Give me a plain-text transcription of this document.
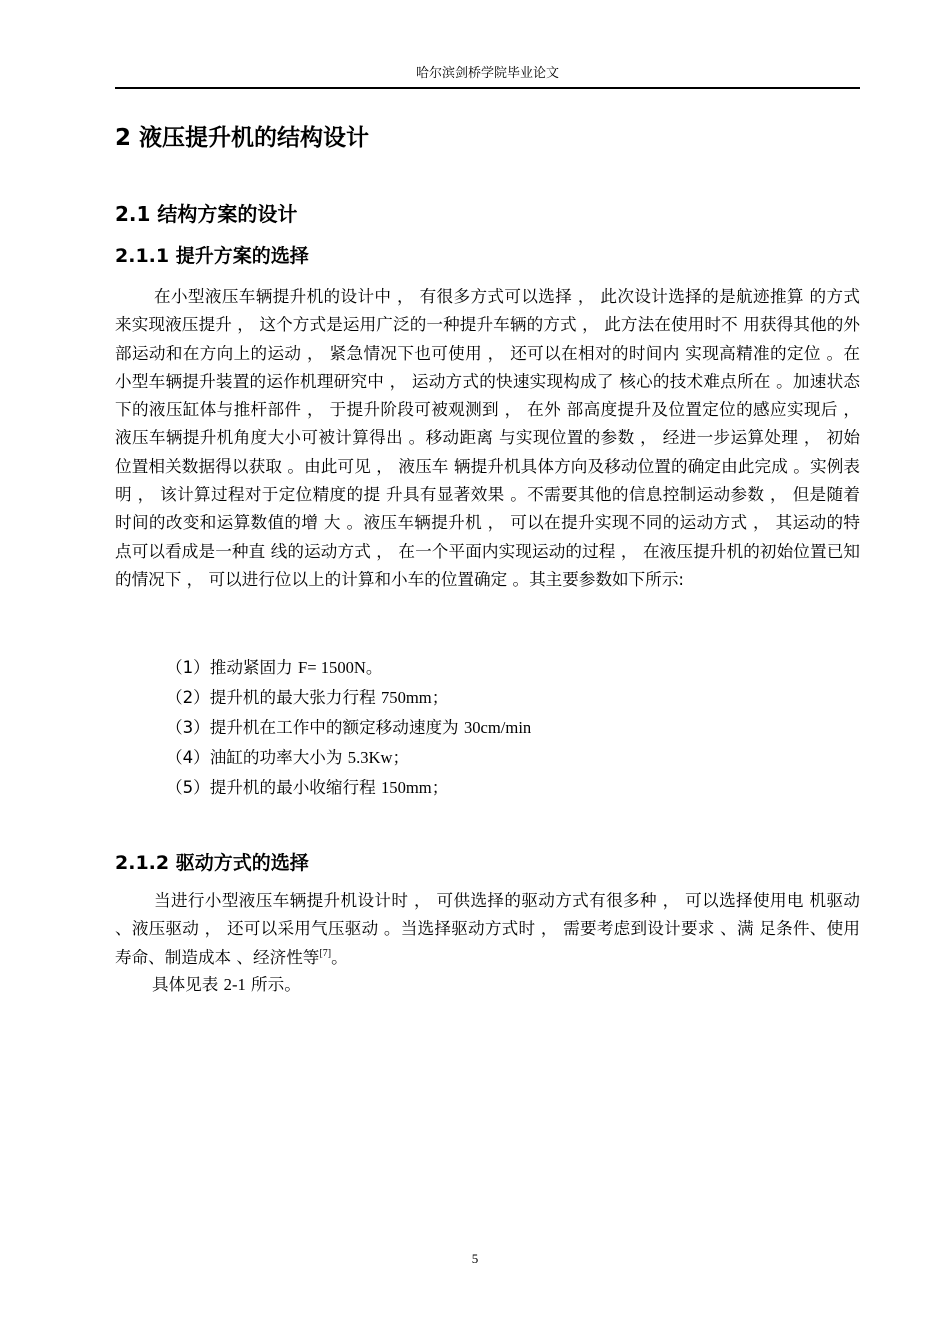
哈尔滨剑桥学院毕业论文
2 液压提升机的结构设计
2.1 结构方案的设计
2.1.1 提升方案的选择
在小型液压车辆提升机的设计中 ， 有很多方式可以选择 ， 此次设计选择的是航迹推算 的方式来实现液压提升 ， 这个方式是运用广泛的一种提升车辆的方式 ， 此方法在使用时不 用获得其他的外部运动和在方向上的运动 ， 紧急情况下也可使用 ， 还可以在相对的时间内 实现高精准的定位 。在小型车辆提升装置的运作机理研究中 ， 运动方式的快速实现构成了 核心的技术难点所在 。加速状态下的液压缸体与推杆部件 ， 于提升阶段可被观测到 ， 在外 部高度提升及位置定位的感应实现后 ， 液压车辆提升机角度大小可被计算得出 。移动距离 与实现位置的参数 ， 经进一步运算处理 ， 初始位置相关数据得以获取 。由此可见 ， 液压车 辆提升机具体方向及移动位置的确定由此完成 。实例表明 ， 该计算过程对于定位精度的提 升具有显著效果 。不需要其他的信息控制运动参数 ， 但是随着时间的改变和运算数值的增 大 。液压车辆提升机 ， 可以在提升实现不同的运动方式 ， 其运动的特点可以看成是一种直 线的运动方式 ， 在一个平面内实现运动的过程 ， 在液压提升机的初始位置已知的情况下 ， 可以进行位以上的计算和小车的位置确定 。其主要参数如下所示:
（1）推动紧固力 F= 1500N。
（2）提升机的最大张力行程 750mm；
（3）提升机在工作中的额定移动速度为 30cm/min
（4）油缸的功率大小为 5.3Kw；
（5）提升机的最小收缩行程 150mm；
2.1.2 驱动方式的选择
当进行小型液压车辆提升机设计时 ， 可供选择的驱动方式有很多种 ， 可以选择使用电 机驱动 、液压驱动 ， 还可以采用气压驱动 。当选择驱动方式时 ， 需要考虑到设计要求 、满 足条件、使用寿命、制造成本 、经济性等[7]。
具体见表 2-1 所示。
5
